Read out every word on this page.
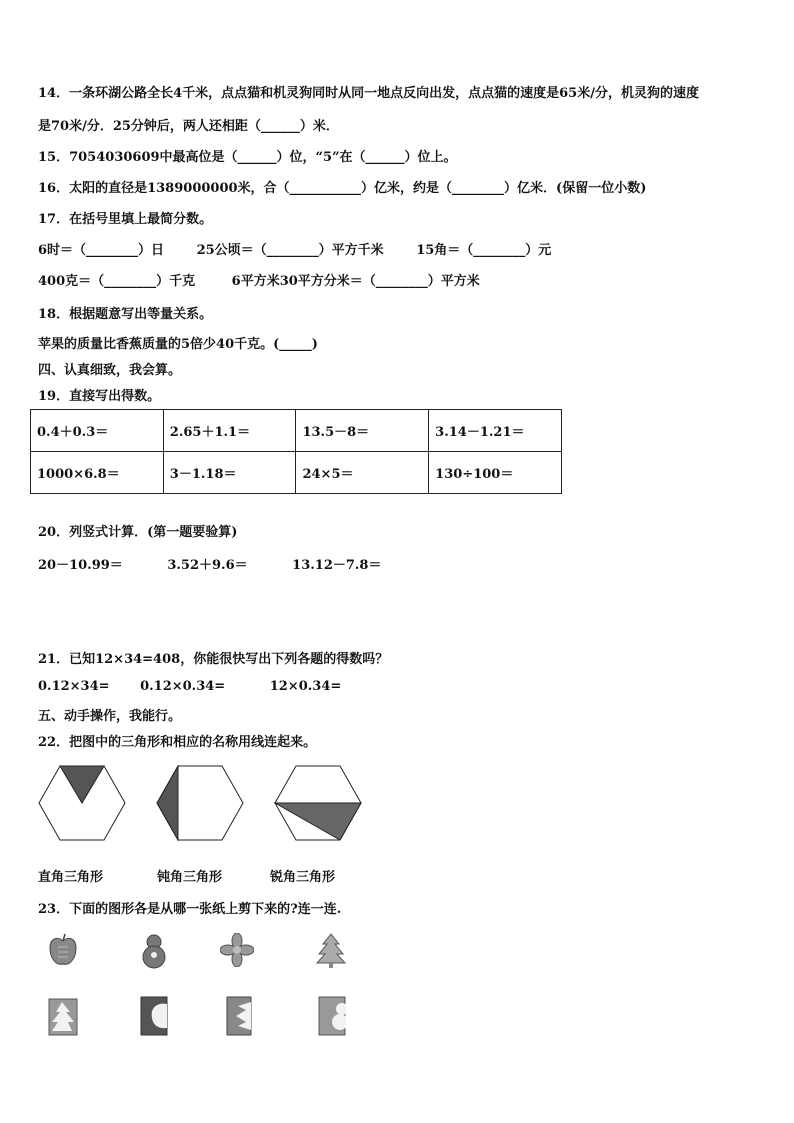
14．一条环湖公路全长4千米，点点猫和机灵狗同时从同一地点反向出发，点点猫的速度是65米/分，机灵狗的速度
是70米/分．25分钟后，两人还相距（______）米．
15．7054030609中最高位是（______）位，“5”在（______）位上。
16．太阳的直径是1389000000米，合（___________）亿米，约是（________）亿米．(保留一位小数)
17．在括号里填上最简分数。
6时＝（________）日	25公顷＝（________）平方千米	15角＝（________）元
400克＝（________）千克	6平方米30平方分米＝（________）平方米
18．根据题意写出等量关系。
苹果的质量比香蕉质量的5倍少40千克。(_____)
四、认真细致，我会算。
19．直接写出得数。
0.4＋0.3＝	2.65＋1.1＝	13.5－8＝	3.14－1.21＝
1000×6.8＝	3－1.18＝	24×5＝	130÷100＝
20．列竖式计算．(第一题要验算)
20－10.99＝	3.52＋9.6＝	13.12－7.8＝
21．已知12×34=408，你能很快写出下列各题的得数吗？
0.12×34= 0.12×0.34=	12×0.34=
五、动手操作，我能行。
22．把图中的三角形和相应的名称用线连起来。
直角三角形	钝角三角形	锐角三角形
23．下面的图形各是从哪一张纸上剪下来的?连一连.
